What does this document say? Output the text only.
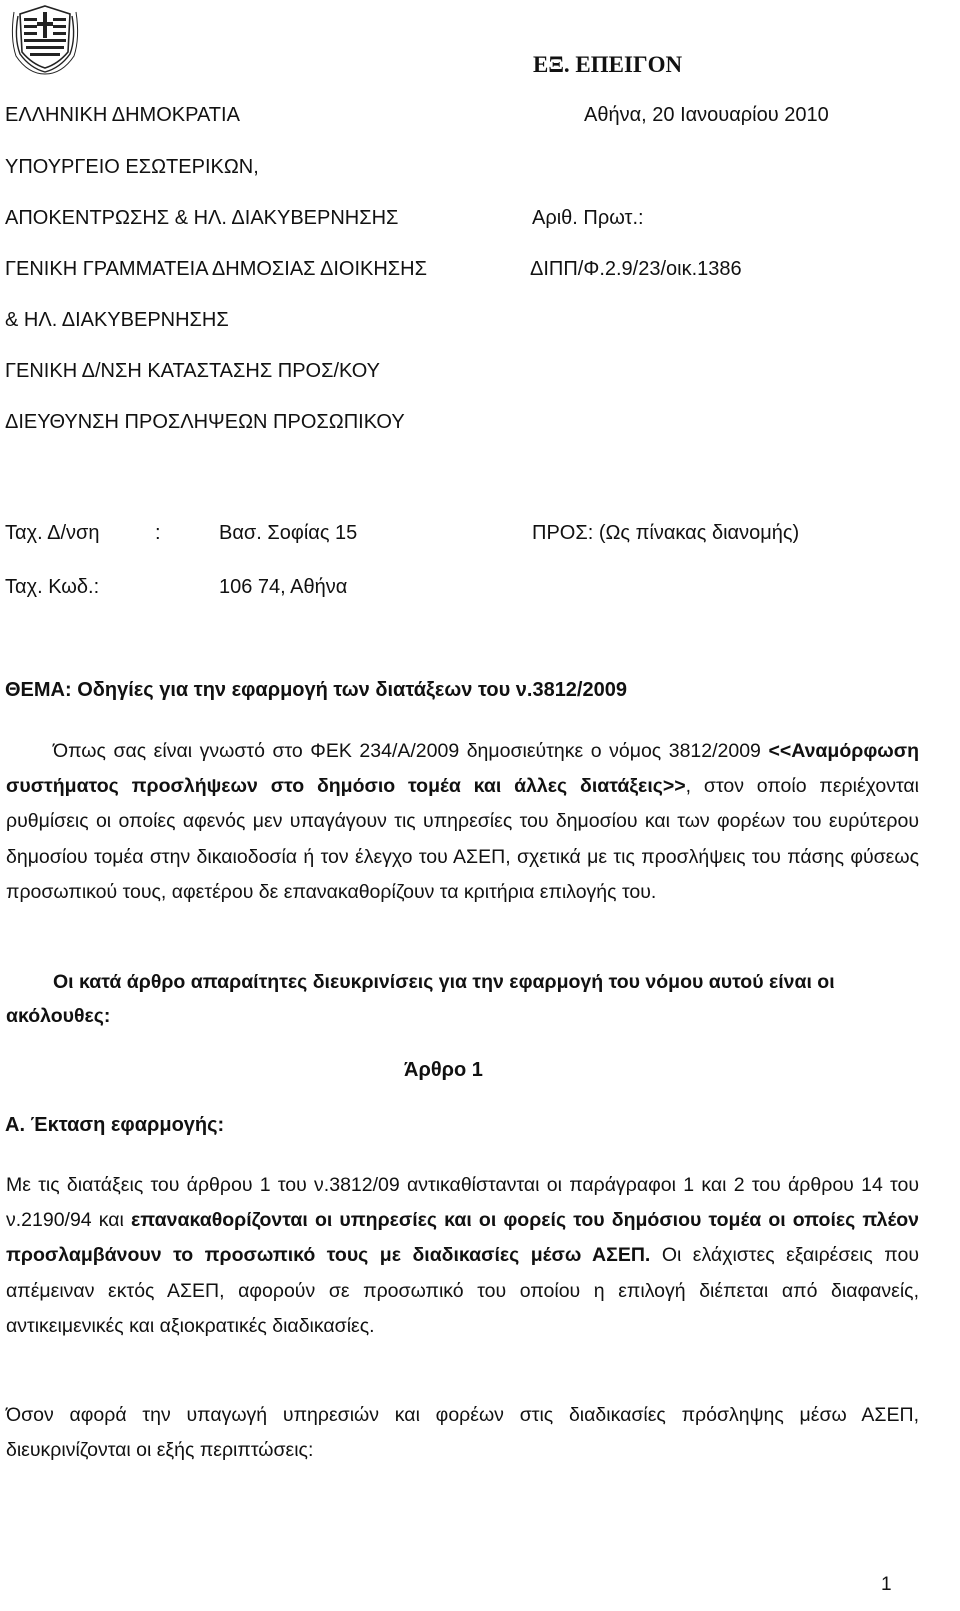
ΕΞ. ΕΠΕΙΓΟΝ
ΕΛΛΗΝΙΚΗ ΔΗΜΟΚΡΑΤΙΑ
ΥΠΟΥΡΓΕΙΟ ΕΣΩΤΕΡΙΚΩΝ,
ΑΠΟΚΕΝΤΡΩΣΗΣ & ΗΛ. ΔΙΑΚΥΒΕΡΝΗΣΗΣ
ΓΕΝΙΚΗ ΓΡΑΜΜΑΤΕΙΑ ΔΗΜΟΣΙΑΣ ΔΙΟΙΚΗΣΗΣ
& ΗΛ. ΔΙΑΚΥΒΕΡΝΗΣΗΣ
ΓΕΝΙΚΗ Δ/ΝΣΗ ΚΑΤΑΣΤΑΣΗΣ ΠΡΟΣ/ΚΟΥ
ΔΙΕΥΘΥΝΣΗ ΠΡΟΣΛΗΨΕΩΝ ΠΡΟΣΩΠΙΚΟΥ
Αθήνα, 20 Ιανουαρίου 2010
Αριθ. Πρωτ.:
ΔΙΠΠ/Φ.2.9/23/οικ.1386
Ταχ. Δ/νση	:	Βασ. Σοφίας 15	ΠΡΟΣ: (Ως πίνακας διανομής)
Ταχ. Κωδ.:	106 74, Αθήνα
ΘΕΜΑ: Οδηγίες για την εφαρμογή των διατάξεων του ν.3812/2009
Όπως σας είναι γνωστό στο ΦΕΚ 234/Α/2009 δημοσιεύτηκε ο νόμος 3812/2009 <<Αναμόρφωση συστήματος προσλήψεων στο δημόσιο τομέα και άλλες διατάξεις>>, στον οποίο περιέχονται ρυθμίσεις οι οποίες αφενός μεν υπαγάγουν τις υπηρεσίες του δημοσίου και των φορέων του ευρύτερου δημοσίου τομέα στην δικαιοδοσία ή τον έλεγχο του ΑΣΕΠ, σχετικά με τις προσλήψεις του πάσης φύσεως προσωπικού τους, αφετέρου δε επανακαθορίζουν τα κριτήρια επιλογής του.
Οι κατά άρθρο απαραίτητες διευκρινίσεις για την εφαρμογή του νόμου αυτού είναι οι ακόλουθες:
Άρθρο 1
Α. Έκταση εφαρμογής:
Με τις διατάξεις του άρθρου 1 του ν.3812/09 αντικαθίστανται οι παράγραφοι 1 και 2 του άρθρου 14 του ν.2190/94 και επανακαθορίζονται οι υπηρεσίες και οι φορείς του δημόσιου τομέα οι οποίες πλέον προσλαμβάνουν το προσωπικό τους με διαδικασίες μέσω ΑΣΕΠ. Οι ελάχιστες εξαιρέσεις που απέμειναν εκτός ΑΣΕΠ, αφορούν σε προσωπικό του οποίου η επιλογή διέπεται από διαφανείς, αντικειμενικές και αξιοκρατικές διαδικασίες.
Όσον αφορά την υπαγωγή υπηρεσιών και φορέων στις διαδικασίες πρόσληψης μέσω ΑΣΕΠ, διευκρινίζονται οι εξής περιπτώσεις:
1
